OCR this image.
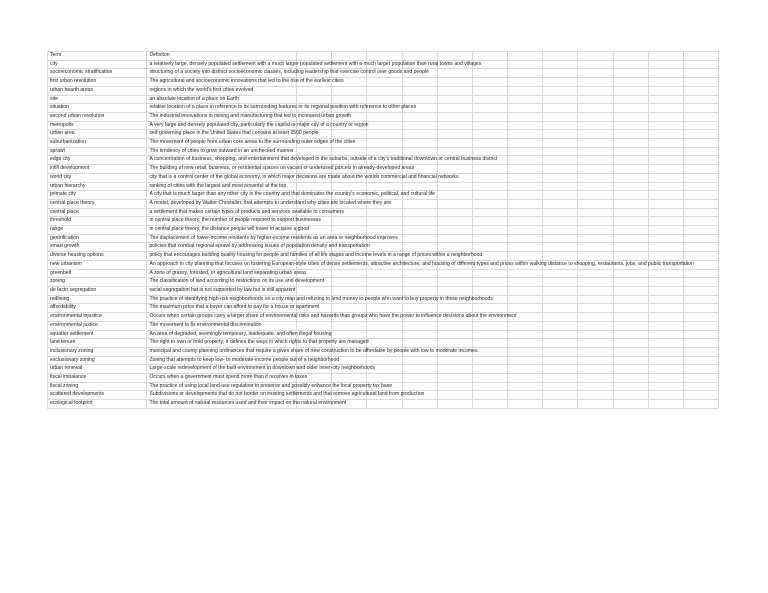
Term	Definiton												
city	a relatively large, densely populated settlement with a much larger populated settlement with a much larger population than rural towns and villages												
socioeconomic stratification	structuring of a society into distinct socioeconomic classes, including leadership that exercise control over goods and people												
first urban revolution	The agricultural and socioeconomic innovations that led to the rise of the earliest cities												
urban hearth areas	regions in which the world's first cities evolved												
site	an absolute location of a place on Earth												
situation	relative location of a place in reference to its surrounding features or its regional position with reference to other places												
second urban revolution	The industrial innovations in mining and manufacturing that led to increased urban growth												
metropolis	A very large and densely populated city, particularly the capital or major city of a country or region												
urban area	self-governing place in the United States that contains at least 2500 people												
suburbanization	The movement of people from urban core areas to the surrounding outer edges of the cities												
sprawl	The tendency of cities to grow outward in an unchecked manner												
edge city	A concentration of business, shopping, and entertainment that developed in the suburbs, outside of a city's traditional downtown or central business district												
infill development	The building of new retail, business, or residential spaces on vacant or underused parcels in already-developed areas												
world city	city that is a control center of the global economy, in which major decisions are made about the worlds commercial and financial networks												
urban hierarchy	ranking of cities with the largest and most powerful at the top												
primate city	A city that is much larger than any other city in the country and that dominates the country's economic, political, and cultural life												
central place theory	A model, developed by Walter Christaller, that attempts to understand why cities are located where they are												
central place	a settlement that makes certain types of products and services available to consumers												
threshold	in central place theory, the number of people required to support businesses												
range	in central place theory, the distance people will travel to acquire a good												
gentrification	The displacement of lower-income residents by higher-income residents as an area or neighborhood improves												
smart growth	policies that combat regional sprawl by addressing issues of population density and transportation												
diverse housing options	policy that encourages building quality housing for people and families of all life stages and income levels in a range of prices within a neighborhood												
new urbanism	An approach to city planning that focuses on fostering European-style cities of dense settlements, attractive architecture, and housing of different types and prices within walking distance to shopping, restaurants, jobs, and public transportation												
greenbelt	A zone of grassy, forested, or agricultural land separating urban areas												
zoning	The classification of land according to restrictions on its use and development												
de facto segregation	racial segregation hat is not supported by law but is still apparent												
redlining	The practice of identifying high-risk neighborhoods on a city map and refusing to lend money to people who want to buy property in those neighborhoods												
affordability	The maximum price that a buyer can afford to pay for a house or apartment												
environmental injustice	Occurs when certain groups carry a larger share of environmental risks and hazards than groups who have the power to influence decisions about the environment												
environmental justice	The movement to fix environmental discrimination												
squatter settlement	An area of degraded, seemingly temporary, inadequate, and often illegal housing												
land tenure	The right to own or hold property; it defines the ways in which rights to that property are managed												
inclusionary zoning	municipal and county planning ordinances that require a given share of new construction to be affordable by people with low to moderate incomes.												
exclusionary zoning	Zoning that attempts to keep low- to moderate-income people out of a neighborhood												
urban renewal	Large-scale redevelopment of the built environment in downtown and older inner-city neighborhoods												
fiscal imbalance	Occurs when a government must spend more than it receives in taxes												
fiscal zoning	The practice of using local land-use regulation to preserve and possibly enhance the local property tax base												
scattered developments	Subdivisions or developments that do not border on existing settlements and that remove agricultural land from production												
ecological footprint	The total amount of natural resources used and their impact on the natural environment												
